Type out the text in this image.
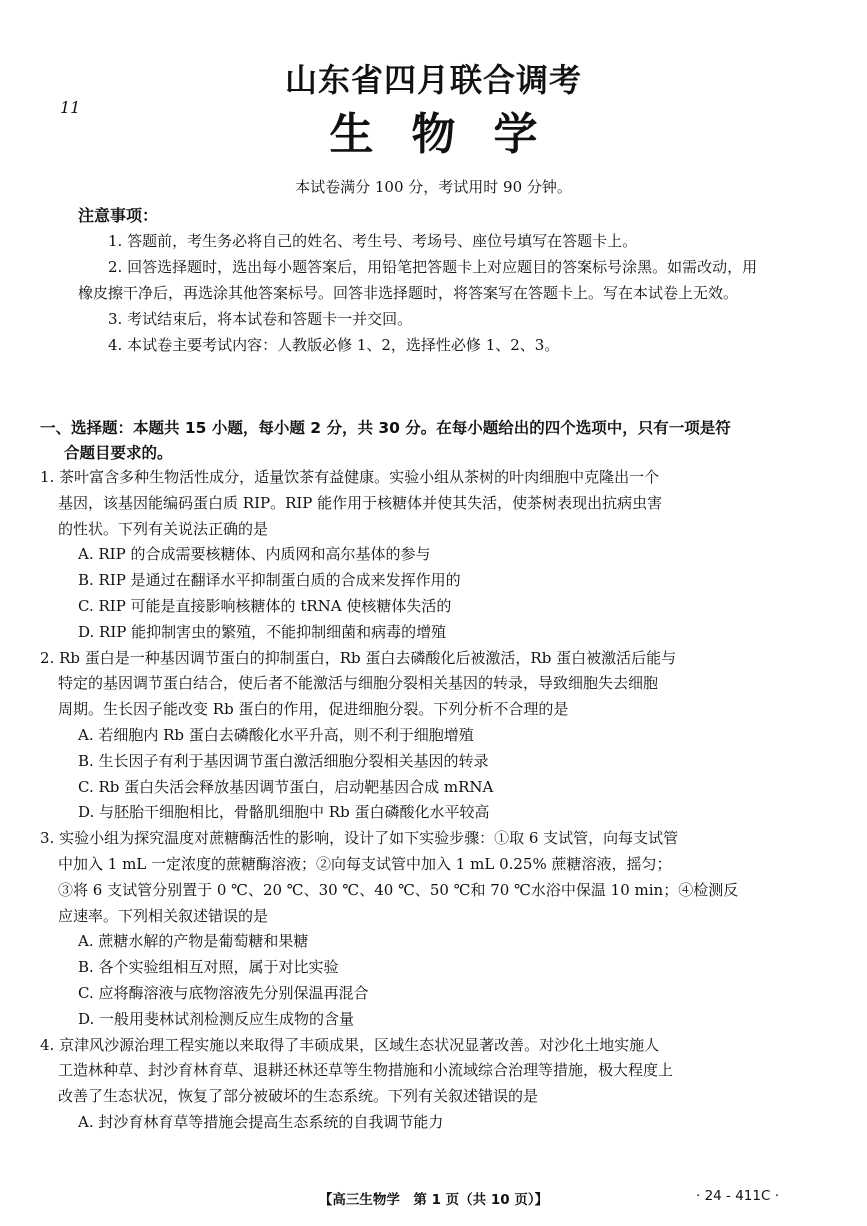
11
山东省四月联合调考
生物学
本试卷满分 100 分，考试用时 90 分钟。
注意事项：

1. 答题前，考生务必将自己的姓名、考生号、考场号、座位号填写在答题卡上。

2. 回答选择题时，选出每小题答案后，用铅笔把答题卡上对应题目的答案标号涂黑。如需改动，用橡皮擦干净后，再选涂其他答案标号。回答非选择题时，将答案写在答题卡上。写在本试卷上无效。

3. 考试结束后，将本试卷和答题卡一并交回。

4. 本试卷主要考试内容：人教版必修 1、2，选择性必修 1、2、3。

一、选择题：本题共 15 小题，每小题 2 分，共 30 分。在每小题给出的四个选项中，只有一项是符
合题目要求的。
1. 茶叶富含多种生物活性成分，适量饮茶有益健康。实验小组从茶树的叶肉细胞中克隆出一个
基因，该基因能编码蛋白质 RIP。RIP 能作用于核糖体并使其失活，使茶树表现出抗病虫害
的性状。下列有关说法正确的是
A. RIP 的合成需要核糖体、内质网和高尔基体的参与
B. RIP 是通过在翻译水平抑制蛋白质的合成来发挥作用的
C. RIP 可能是直接影响核糖体的 tRNA 使核糖体失活的
D. RIP 能抑制害虫的繁殖，不能抑制细菌和病毒的增殖
2. Rb 蛋白是一种基因调节蛋白的抑制蛋白，Rb 蛋白去磷酸化后被激活，Rb 蛋白被激活后能与
特定的基因调节蛋白结合，使后者不能激活与细胞分裂相关基因的转录，导致细胞失去细胞
周期。生长因子能改变 Rb 蛋白的作用，促进细胞分裂。下列分析不合理的是
A. 若细胞内 Rb 蛋白去磷酸化水平升高，则不利于细胞增殖
B. 生长因子有利于基因调节蛋白激活细胞分裂相关基因的转录
C. Rb 蛋白失活会释放基因调节蛋白，启动靶基因合成 mRNA
D. 与胚胎干细胞相比，骨骼肌细胞中 Rb 蛋白磷酸化水平较高
3. 实验小组为探究温度对蔗糖酶活性的影响，设计了如下实验步骤：①取 6 支试管，向每支试管
中加入 1 mL 一定浓度的蔗糖酶溶液；②向每支试管中加入 1 mL 0.25% 蔗糖溶液，摇匀；
③将 6 支试管分别置于 0 ℃、20 ℃、30 ℃、40 ℃、50 ℃和 70 ℃水浴中保温 10 min；④检测反
应速率。下列相关叙述错误的是
A. 蔗糖水解的产物是葡萄糖和果糖
B. 各个实验组相互对照，属于对比实验
C. 应将酶溶液与底物溶液先分别保温再混合
D. 一般用斐林试剂检测反应生成物的含量
4. 京津风沙源治理工程实施以来取得了丰硕成果，区域生态状况显著改善。对沙化土地实施人
工造林种草、封沙育林育草、退耕还林还草等生物措施和小流域综合治理等措施，极大程度上
改善了生态状况，恢复了部分被破坏的生态系统。下列有关叙述错误的是
A. 封沙育林育草等措施会提高生态系统的自我调节能力
【高三生物学　第 1 页（共 10 页）】	· 24 - 411C ·
